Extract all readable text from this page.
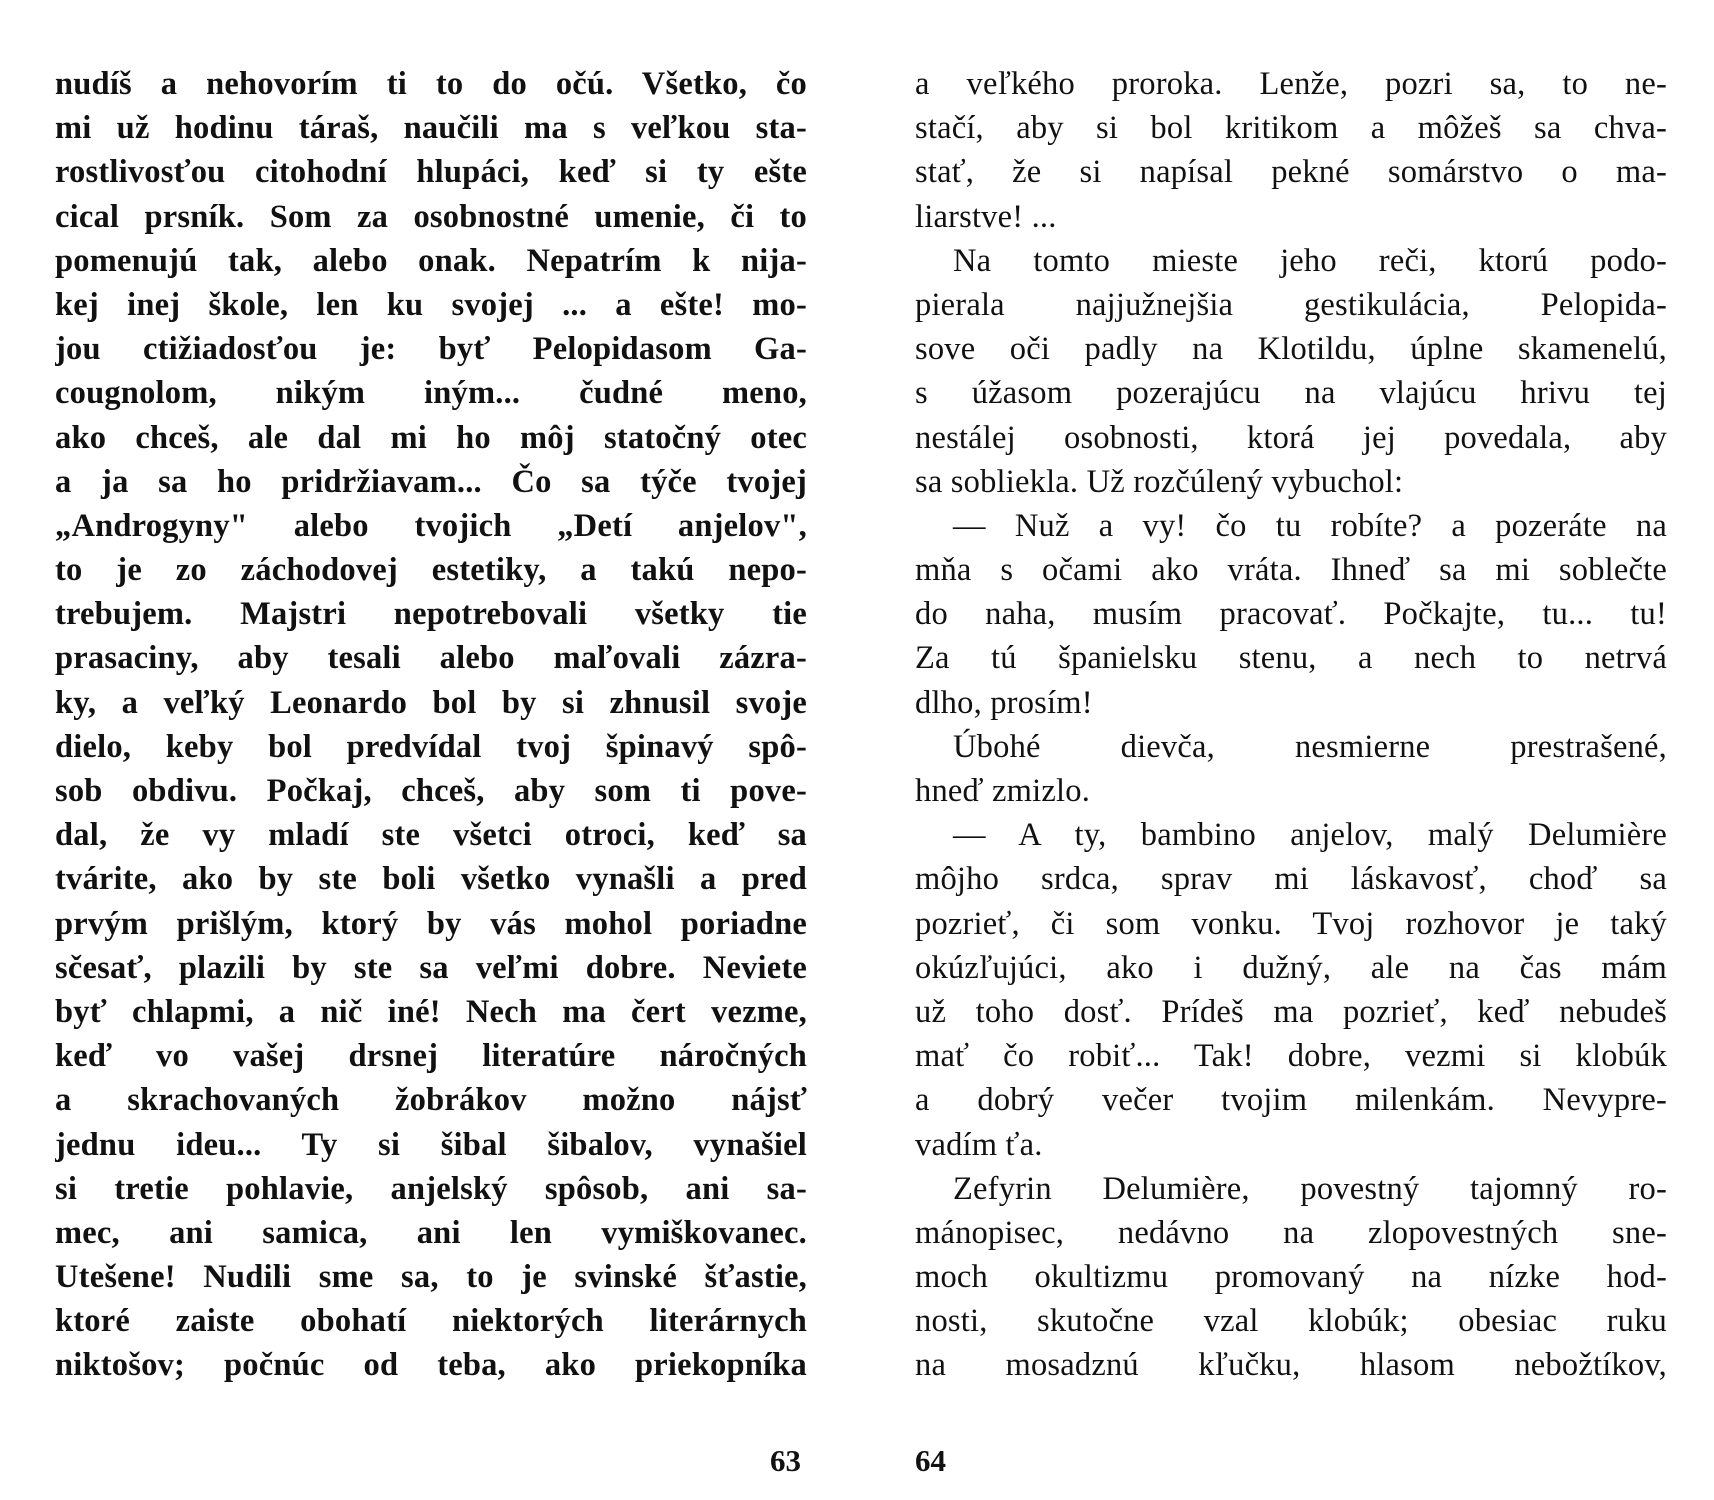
nudíš a nehovorím ti to do očú. Všetko, čo
mi už hodinu tárаš, naučili ma s veľkou sta-
rostlivosťou citohodní hlupáci, keď si ty ešte
cical prsník. Som za osobnostné umenie, či to
pomenujú tak, alebo onak. Nepatrím k nija-
kej inej škole, len ku svojej ... a ešte! mo-
jou ctižiadosťou je: byť Pelopidasom Ga-
cougnolom, nikým iným... čudné meno,
ako chceš, ale dal mi ho môj statočný otec
a ja sa ho pridržiavam... Čo sa týče tvojej
„Androgyny" alebo tvojich „Detí anjelov",
to je zo záchodovej estetiky, a takú nepo-
trebujem. Majstri nepotrebovali všetky tie
prasaciny, aby tesali alebo maľovali zázra-
ky, a veľký Leonardo bol by si zhnusil svoje
dielo, keby bol predvídal tvoj špinavý spô-
sob obdivu. Počkaj, chceš, aby som ti pove-
dal, že vy mladí ste všetci otroci, keď sa
tvárite, ako by ste boli všetko vynašli a pred
prvým prišlým, ktorý by vás mohol poriadne
sčesať, plazili by ste sa veľmi dobre. Neviete
byť chlapmi, a nič iné! Nech ma čert vezme,
keď vo vašej drsnej literatúre náročných
a skrachovaných žobrákov možno nájsť
jednu ideu... Ty si šibal šibalov, vynašiel
si tretie pohlavie, anjelský spôsob, ani sa-
mec, ani samica, ani len vymiškovanec.
Utešene! Nudili sme sa, to je svinské šťastie,
ktoré zaiste obohatí niektorých literárnych
niktošov; počnúc od teba, ako priekopníka
63
a veľkého proroka. Lenže, pozri sa, to ne-
stačí, aby si bol kritikom a môžeš sa chva-
stať, že si napísal pekné somárstvo o ma-
liarstve! ...
Na tomto mieste jeho reči, ktorú podo-
pierala najjužnejšia gestikulácia, Pelopida-
sove oči padly na Klotildu, úplne skamenelú,
s úžasom pozerajúcu na vlajúcu hrivu tej
nestálej osobnosti, ktorá jej povedala, aby
sa sobliekla. Už rozčúlený vybuchol:
— Nuž a vy! čo tu robíte? a pozeráte na
mňa s očami ako vráta. Ihneď sa mi soblečte
do naha, musím pracovať. Počkajte, tu... tu!
Za tú španielsku stenu, a nech to netrvá
dlho, prosím!
Úbohé dievča, nesmierne prestrašené,
hneď zmizlo.
— A ty, bambino anjelov, malý Delumière
môjho srdca, sprav mi láskavosť, choď sa
pozrieť, či som vonku. Tvoj rozhovor je taký
okúzľujúci, ako i dužný, ale na čas mám
už toho dosť. Prídeš ma pozrieť, keď nebudeš
mať čo robiť... Tak! dobre, vezmi si klobúk
a dobrý večer tvojim milenkám. Nevypre-
vadím ťa.
Zefyrin Delumière, povestný tajomný ro-
mánopisec, nedávno na zlopovestných sne-
moch okultizmu promovaný na nízke hod-
nosti, skutočne vzal klobúk; obesiac ruku
na mosadznú kľučku, hlasom nebožtíkov,
64
